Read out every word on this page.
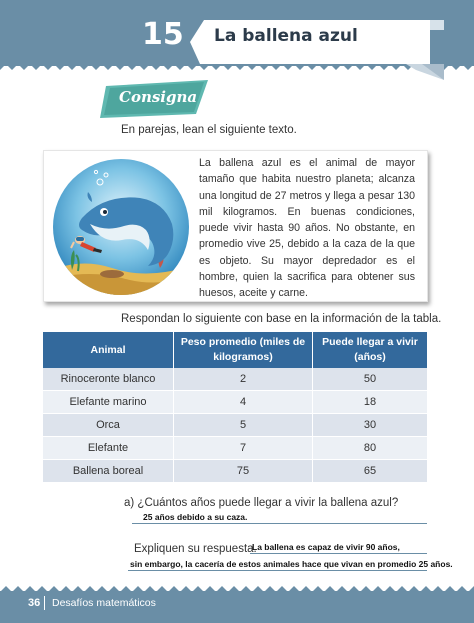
15 La ballena azul
Consigna
En parejas, lean el siguiente texto.

La ballena azul es el animal de mayor tamaño que habita nuestro planeta; alcanza una longitud de 27 metros y llega a pesar 130 mil kilogramos. En buenas condiciones, puede vivir hasta 90 años. No obstante, en promedio vive 25, debido a la caza de la que es objeto. Su mayor depredador es el hombre, quien la sacrifica para obtener sus huesos, aceite y carne.

Respondan lo siguiente con base en la información de la tabla.
Animal	Peso promedio (miles de kilogramos)	Puede llegar a vivir (años)
Rinoceronte blanco	2	50
Elefante marino	4	18
Orca	5	30
Elefante	7	80
Ballena boreal	75	65
a) ¿Cuántos años puede llegar a vivir la ballena azul?
25 años debido a su caza.
Expliquen su respuesta.
La ballena es capaz de vivir 90 años,
sin embargo, la cacería de estos animales hace que vivan en promedio 25 años.
36 Desafíos matemáticos
